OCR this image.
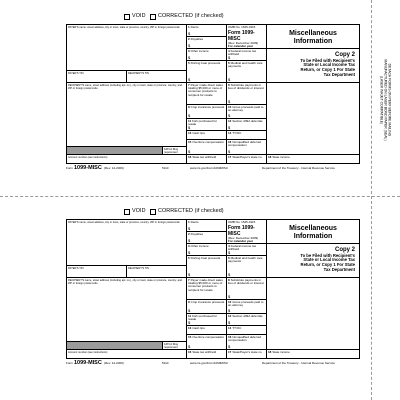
VOID CORRECTED (if checked)
PAYER'S name, street address, city or town, state or province, country, ZIP or foreign postal code
PAYER'S TIN	RECIPIENT'S TIN
RECIPIENT'S name, street address (including apt. no.), city or town, state or province, country, and ZIP or foreign postal code
FATCA filing requirement
Account number (see instructions)
1Rents
$
OMB No. 1545-0115
Form 1099-MISC
(Rev. December 2009)
For calendar year
2Royalties
$
3Other income
$
4Federal income tax withheld
$
5Fishing boat proceeds
$
6Medical and health care payments
$
7Payer made direct sales totaling $5,000 or more of consumer products to recipient for resale
8Substitute payments in lieu of dividends or interest
$
9Crop insurance proceeds
$
10Gross proceeds paid to an attorney
$
11Fish purchased for resale
$
12Section 409A deferrals
$
13Cash tips	14TT/OC
15Overtime compensation
$
16Nonqualified deferred compensation
$
16State tax withheld	17State/Payer's state no.
Miscellaneous
Information
Copy 2
To be Filed with Recipient's State or Local Income Tax Return, or Copy 1 For State Tax Department
18State income
Form 1099-MISC (Rev. 12-2009)	5110	www.irs.gov/Form1099MISC	Department of the Treasury - Internal Revenue Service
VOID CORRECTED (if checked)
PAYER'S name, street address, city or town, state or province, country, ZIP or foreign postal code
PAYER'S TIN	RECIPIENT'S TIN
RECIPIENT'S name, street address (including apt. no.), city or town, state or province, country, and ZIP or foreign postal code
FATCA filing requirement
Account number (see instructions)
1Rents
$
OMB No. 1545-0115
Form 1099-MISC
(Rev. December 2009)
For calendar year
2Royalties
$
3Other income
$
4Federal income tax withheld
$
5Fishing boat proceeds
$
6Medical and health care payments
$
7Payer made direct sales totaling $5,000 or more of consumer products to recipient for resale
8Substitute payments in lieu of dividends or interest
$
9Crop insurance proceeds
$
10Gross proceeds paid to an attorney
$
11Fish purchased for resale
$
12Section 409A deferrals
$
13Cash tips	14TT/OC
15Overtime compensation
$
16Nonqualified deferred compensation
$
16State tax withheld	17State/Payer's state no.
Miscellaneous
Information
Copy 2
To be Filed with Recipient's State or Local Income Tax Return, or Copy 1 For State Tax Department
18State income
Form 1099-MISC (Rev. 12-2009)	5110	www.irs.gov/Form1099MISC	Department of the Treasury - Internal Revenue Service
DETACH FORMS ON PERF BEFORE MAILING
MANUFACTURED ON LASER BOND PAPER (SEAL)
(LASER INKJET COMPATIBLE)
